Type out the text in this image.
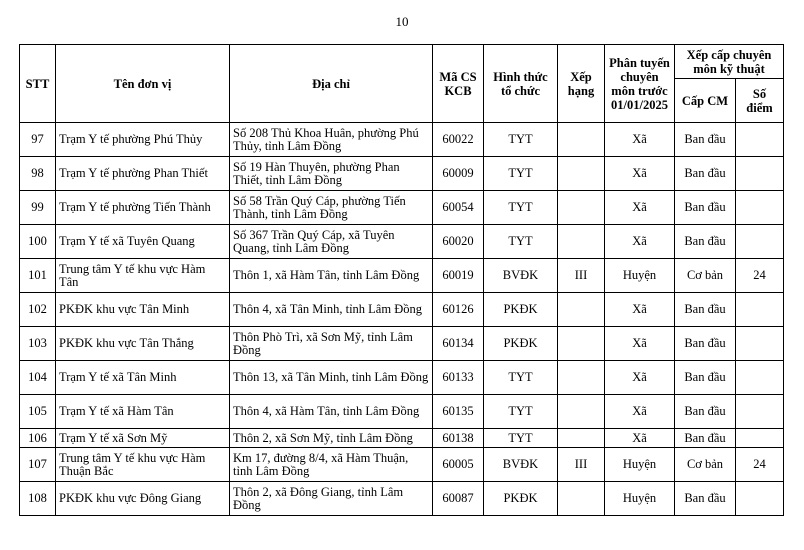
10
STT	Tên đơn vị	Địa chỉ	Mã CS KCB	Hình thức tổ chức	Xếp hạng	Phân tuyến chuyên môn trước 01/01/2025	Xếp cấp chuyên môn kỹ thuật	
							Cấp CM	Số điểm
97	Trạm Y tế phường Phú Thủy	Số 208 Thủ Khoa Huân, phường Phú Thủy, tỉnh Lâm Đồng	60022	TYT		Xã	Ban đầu	
98	Trạm Y tế phường Phan Thiết	Số 19 Hàn Thuyên, phường Phan Thiết, tỉnh Lâm Đồng	60009	TYT		Xã	Ban đầu	
99	Trạm Y tế phường Tiến Thành	Số 58 Trần Quý Cáp, phường Tiến Thành, tỉnh Lâm Đồng	60054	TYT		Xã	Ban đầu	
100	Trạm Y tế xã Tuyên Quang	Số 367 Trần Quý Cáp, xã Tuyên Quang, tỉnh Lâm Đồng	60020	TYT		Xã	Ban đầu	
101	Trung tâm Y tế khu vực Hàm Tân	Thôn 1, xã Hàm Tân, tỉnh Lâm Đồng	60019	BVĐK	III	Huyện	Cơ bản	24
102	PKĐK khu vực Tân Minh	Thôn 4, xã Tân Minh, tỉnh Lâm Đồng	60126	PKĐK		Xã	Ban đầu	
103	PKĐK khu vực Tân Thắng	Thôn Phò Trì, xã Sơn Mỹ, tỉnh Lâm Đồng	60134	PKĐK		Xã	Ban đầu	
104	Trạm Y tế xã Tân Minh	Thôn 13, xã Tân Minh, tỉnh Lâm Đồng	60133	TYT		Xã	Ban đầu	
105	Trạm Y tế xã Hàm Tân	Thôn 4, xã Hàm Tân, tỉnh Lâm Đồng	60135	TYT		Xã	Ban đầu	
106	Trạm Y tế xã Sơn Mỹ	Thôn 2, xã Sơn Mỹ, tỉnh Lâm Đồng	60138	TYT		Xã	Ban đầu	
107	Trung tâm Y tế khu vực Hàm Thuận Bắc	Km 17, đường 8/4, xã Hàm Thuận, tỉnh Lâm Đồng	60005	BVĐK	III	Huyện	Cơ bản	24
108	PKĐK khu vực Đông Giang	Thôn 2, xã Đông Giang, tỉnh Lâm Đồng	60087	PKĐK		Huyện	Ban đầu	
